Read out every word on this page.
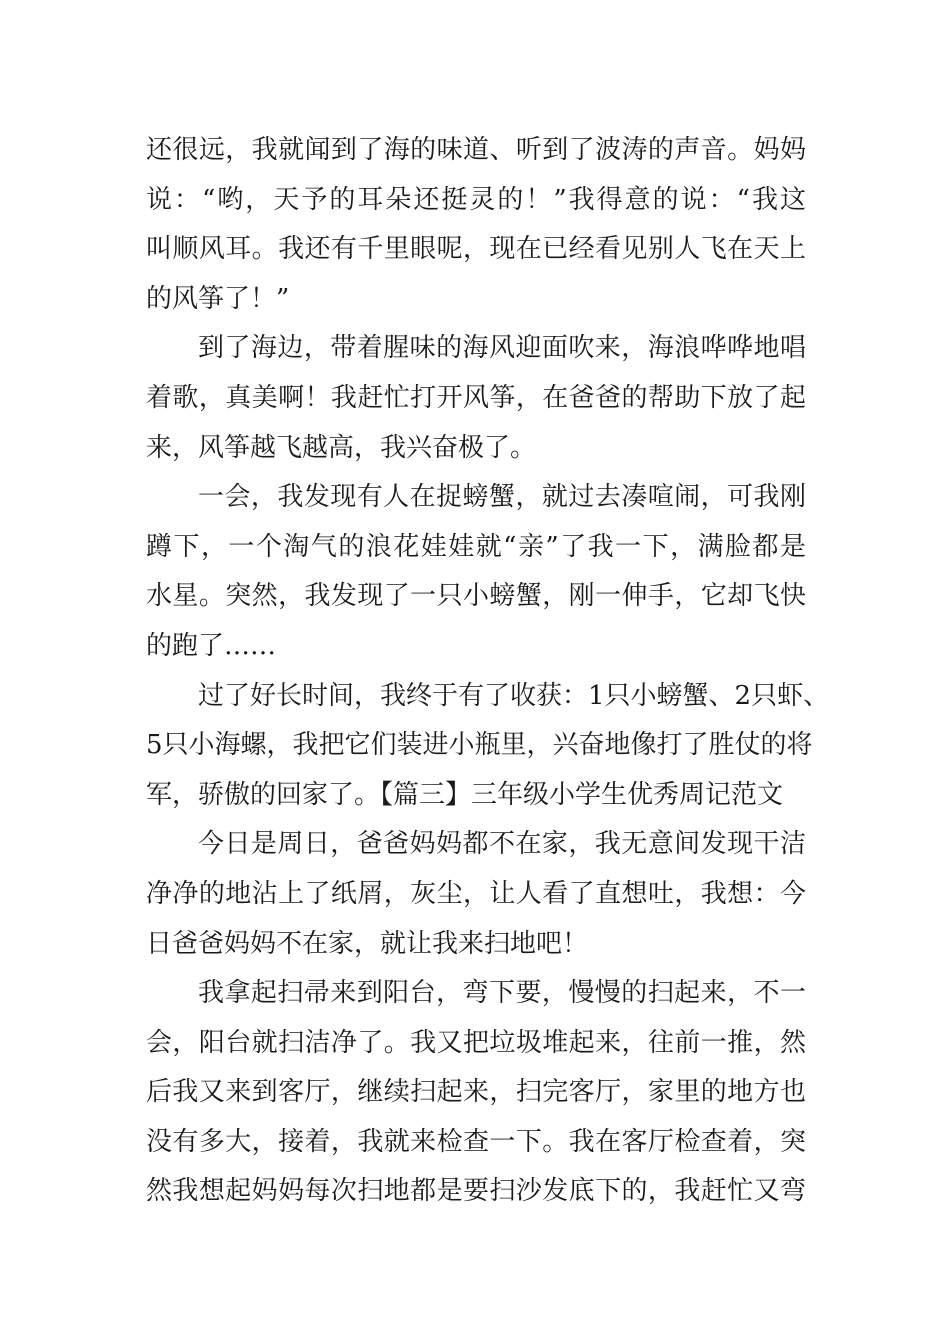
还很远，我就闻到了海的味道、听到了波涛的声音。妈妈
说：“哟，天予的耳朵还挺灵的！”我得意的说：“我这
叫顺风耳。我还有千里眼呢，现在已经看见别人飞在天上
的风筝了！”
到了海边，带着腥味的海风迎面吹来，海浪哗哗地唱
着歌，真美啊！我赶忙打开风筝，在爸爸的帮助下放了起
来，风筝越飞越高，我兴奋极了。
一会，我发现有人在捉螃蟹，就过去凑喧闹，可我刚
蹲下，一个淘气的浪花娃娃就“亲”了我一下，满脸都是
水星。突然，我发现了一只小螃蟹，刚一伸手，它却飞快
的跑了……
过了好长时间，我终于有了收获：1只小螃蟹、2只虾、
5只小海螺，我把它们装进小瓶里，兴奋地像打了胜仗的将
军，骄傲的回家了。【篇三】三年级小学生优秀周记范文
今日是周日，爸爸妈妈都不在家，我无意间发现干洁
净净的地沾上了纸屑，灰尘，让人看了直想吐，我想：今
日爸爸妈妈不在家，就让我来扫地吧！
我拿起扫帚来到阳台，弯下要，慢慢的扫起来，不一
会，阳台就扫洁净了。我又把垃圾堆起来，往前一推，然
后我又来到客厅，继续扫起来，扫完客厅，家里的地方也
没有多大，接着，我就来检查一下。我在客厅检查着，突
然我想起妈妈每次扫地都是要扫沙发底下的，我赶忙又弯
